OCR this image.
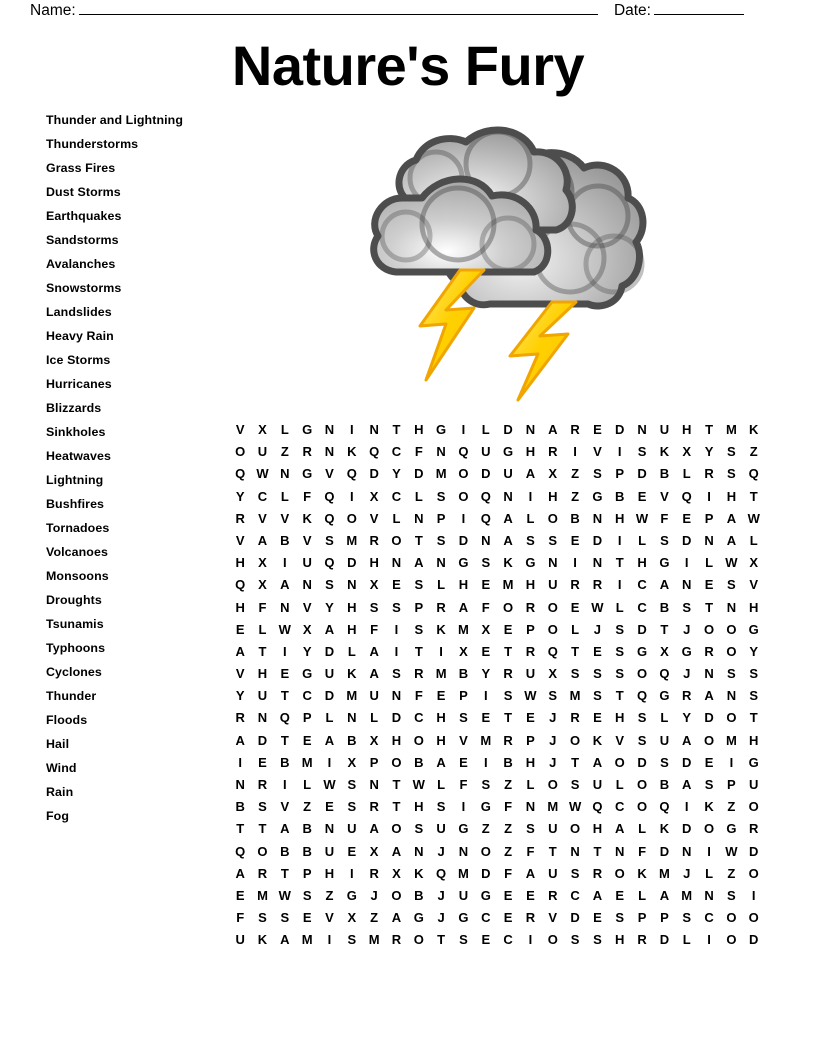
Name:	Date:
Nature's Fury
Thunder and Lightning
Thunderstorms
Grass Fires
Dust Storms
Earthquakes
Sandstorms
Avalanches
Snowstorms
Landslides
Heavy Rain
Ice Storms
Hurricanes
Blizzards
Sinkholes
Heatwaves
Lightning
Bushfires
Tornadoes
Volcanoes
Monsoons
Droughts
Tsunamis
Typhoons
Cyclones
Thunder
Floods
Hail
Wind
Rain
Fog
V	X	L	G N	I	N	T	H G	I	L	D N A R	E	D N U H	T M K
O U	Z	R N K Q C	F	N Q U G H R	I	V	I	S	K	X	Y	S	Z
Q W N G V Q D	Y	D M O D U A	X	Z	S	P	D B	L	R	S Q
Y	C	L	F	Q	I	X	C	L	S O Q N	I	H	Z	G B	E	V Q	I	H	T
R	V	V	K Q O V	L	N	P	I	Q A	L	O B N H W F	E	P	A W
V	A B	V	S M R O	T	S	D N A	S	S	E	D	I	L	S	D N A	L
H	X	I	U Q D H N A N G S	K G N	I	N	T	H G	I	L W X
Q X	A N	S	N	X	E	S	L	H	E M H U R R	I	C A N	E	S	V
H	F	N	V	Y	H	S	S	P	R A	F	O R O E W L	C B	S	T	N H
E	L W X	A H	F	I	S	K M X	E	P O	L	J	S	D	T	J	O O G
A	T	I	Y	D	L	A	I	T	I	X	E	T	R Q	T	E	S G X G R O Y
V	H	E G U K A	S	R M B	Y	R U	X	S	S	S O Q	J	N	S	S
Y	U	T	C D M U N	F	E	P	I	S W S M S	T	Q G R A N	S
R N Q P	L	N	L	D C H	S	E	T	E	J	R	E	H	S	L	Y	D O	T
A D	T	E	A B	X	H O H	V M R	P	J	O K	V	S	U A O M H
I	E	B M	I	X	P O B A	E	I	B H	J	T	A O D	S	D	E	I	G
N R	I	L W S	N	T W L	F	S	Z	L	O S	U	L	O B A	S	P	U
B	S	V	Z	E	S	R	T	H	S	I	G	F	N M W Q C O Q	I	K	Z	O
T	T	A B N U A O S	U G	Z	Z	S	U O H A	L	K D O G R
Q O B B U	E	X	A N	J	N O	Z	F	T	N	T	N	F	D N	I	W D
A R	T	P	H	I	R	X	K Q M D	F	A U	S	R O K M	J	L	Z	O
E M W S	Z	G	J	O B	J	U G E	E	R C A	E	L	A M N	S	I
F	S	S	E	V	X	Z	A G	J	G C	E	R	V	D	E	S	P	P	S	C O O
U K A M	I	S M R O	T	S	E	C	I	O S	S	H R D	L	I	O D
